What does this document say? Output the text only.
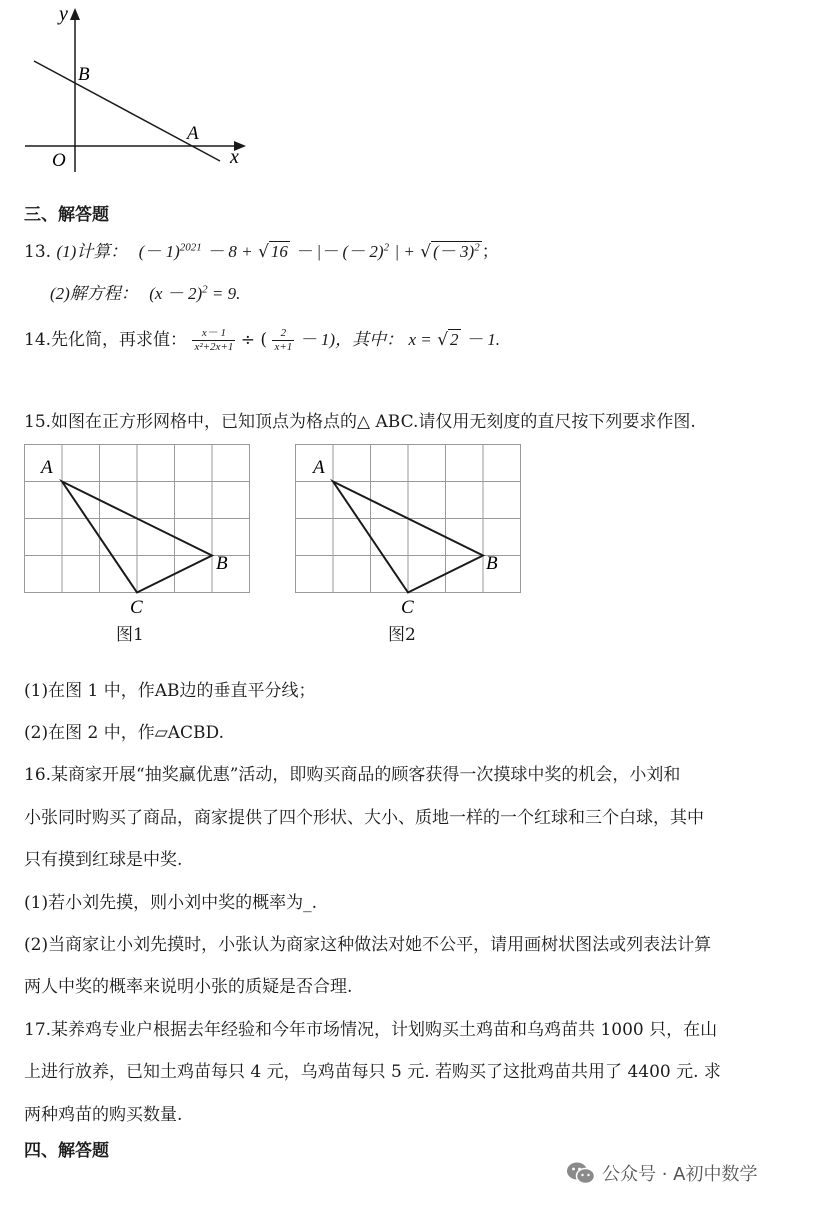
y
x
O
B
A
三、解答题
13. (1)计算： (－ 1)$^{2021}$ － 8 + √ 16 － |－ (－ 2)$^2$ | + √ (－ 3)$^2$ ；
(2)解方程： $(x - 2)^2 = 9$.
14.先化简，再求值： $\frac{x- 1}{\text{x²+2x+1}}$ ÷ ( $\frac{2}{x+1} - 1$)，其中： x = √ 2 － 1.
15.如图在正方形网格中，已知顶点为格点的△ ABC.请仅用无刻度的直尺按下列要求作图.
A
B
C
图1
A
B
C
图2
(1)在图 1 中，作AB边的垂直平分线；
(2)在图 2 中，作▱ACBD.
16.某商家开展“抽奖赢优惠”活动，即购买商品的顾客获得一次摸球中奖的机会，小刘和
小张同时购买了商品，商家提供了四个形状、大小、质地一样的一个红球和三个白球，其中
只有摸到红球是中奖.
(1)若小刘先摸，则小刘中奖的概率为_.
(2)当商家让小刘先摸时，小张认为商家这种做法对她不公平，请用画树状图法或列表法计算
两人中奖的概率来说明小张的质疑是否合理.
17.某养鸡专业户根据去年经验和今年市场情况，计划购买土鸡苗和乌鸡苗共 1000 只，在山
上进行放养，已知土鸡苗每只 4 元，乌鸡苗每只 5 元. 若购买了这批鸡苗共用了 4400 元. 求
两种鸡苗的购买数量.
四、解答题
公众号 · A初中数学
